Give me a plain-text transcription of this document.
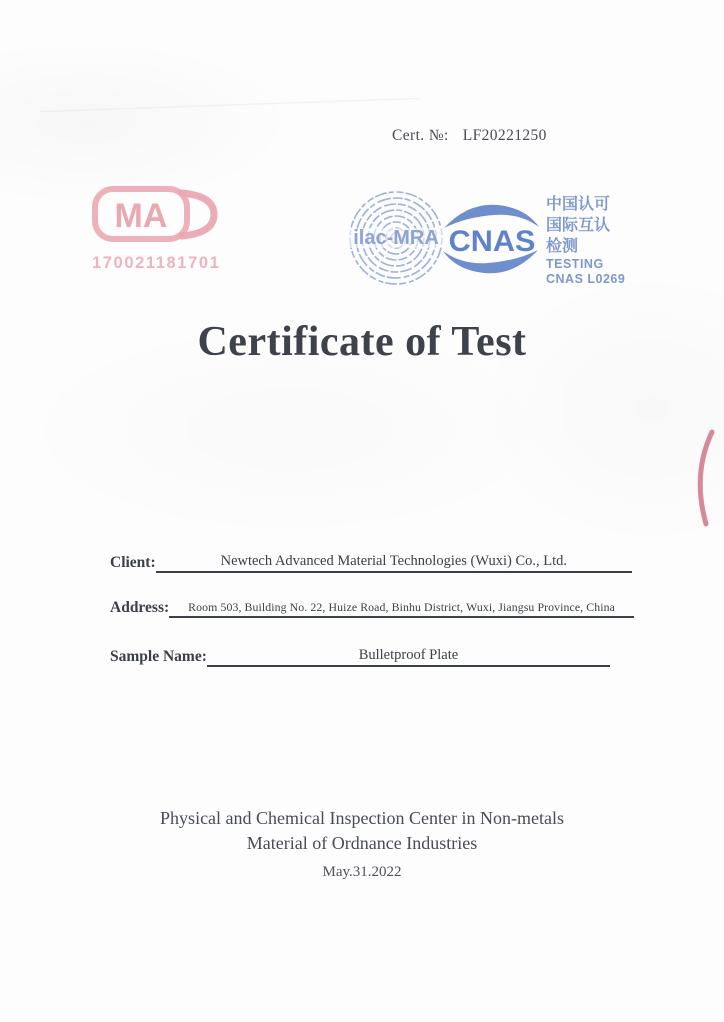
Cert. №: LF20221250
MA
170021181701
ilac-MRA CNAS
中国认可
国际互认
检测
TESTING
CNAS L0269
Certificate of Test
Client:	Newtech Advanced Material Technologies (Wuxi) Co., Ltd.
Address:	Room 503, Building No. 22, Huize Road, Binhu District, Wuxi, Jiangsu Province, China
Sample Name:	Bulletproof Plate
Physical and Chemical Inspection Center in Non-metals
Material of Ordnance Industries
May.31.2022
